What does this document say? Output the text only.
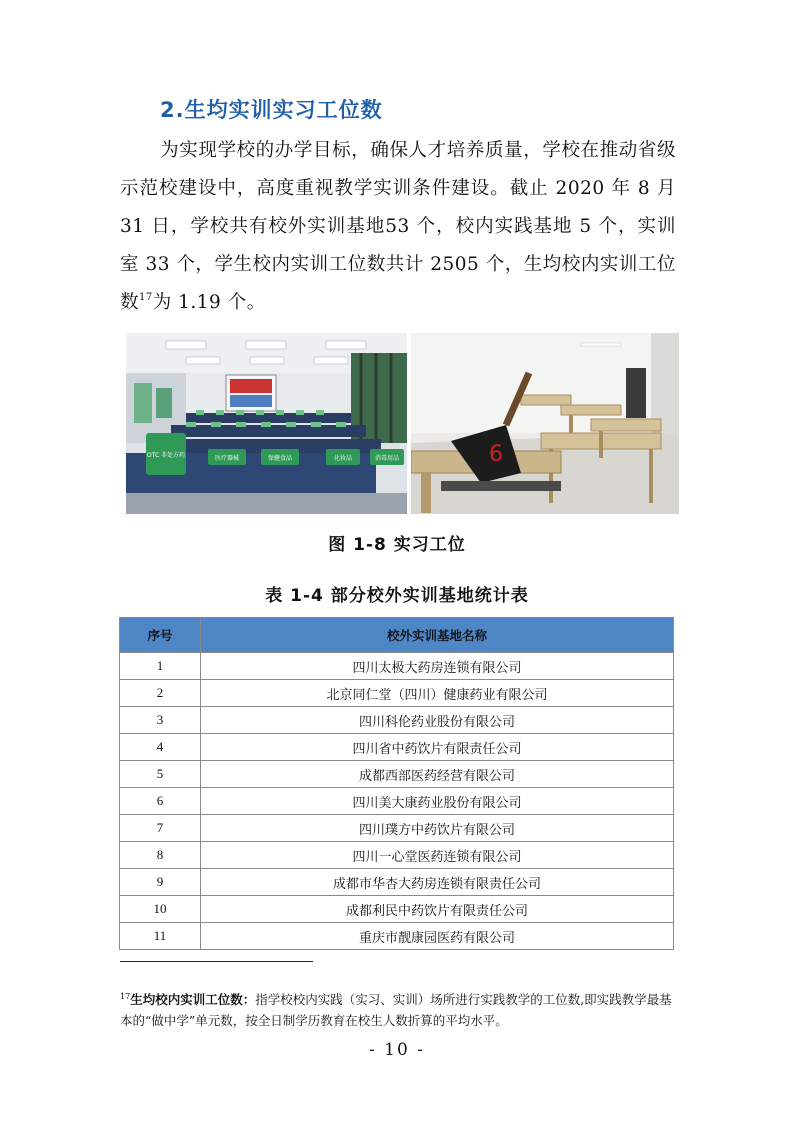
2.生均实训实习工位数
为实现学校的办学目标，确保人才培养质量，学校在推动省级示范校建设中，高度重视教学实训条件建设。截止 2020 年 8 月 31 日，学校共有校外实训基地53 个，校内实践基地 5 个，实训室 33 个，学生校内实训工位数共计 2505 个，生均校内实训工位数$^{17}$为 1.19 个。
OTC 非处方药	医疗器械	保健食品	化妆品	消毒用品	6
图 1-8 实习工位
表 1-4 部分校外实训基地统计表
序号	校外实训基地名称
1	四川太极大药房连锁有限公司
2	北京同仁堂（四川）健康药业有限公司
3	四川科伦药业股份有限公司
4	四川省中药饮片有限责任公司
5	成都西部医药经营有限公司
6	四川美大康药业股份有限公司
7	四川璞方中药饮片有限公司
8	四川一心堂医药连锁有限公司
9	成都市华杏大药房连锁有限责任公司
10	成都利民中药饮片有限责任公司
11	重庆市靓康园医药有限公司
$^{17}$生均校内实训工位数：指学校校内实践（实习、实训）场所进行实践教学的工位数,即实践教学最基本的“做中学”单元数，按全日制学历教育在校生人数折算的平均水平。
- 10 -
